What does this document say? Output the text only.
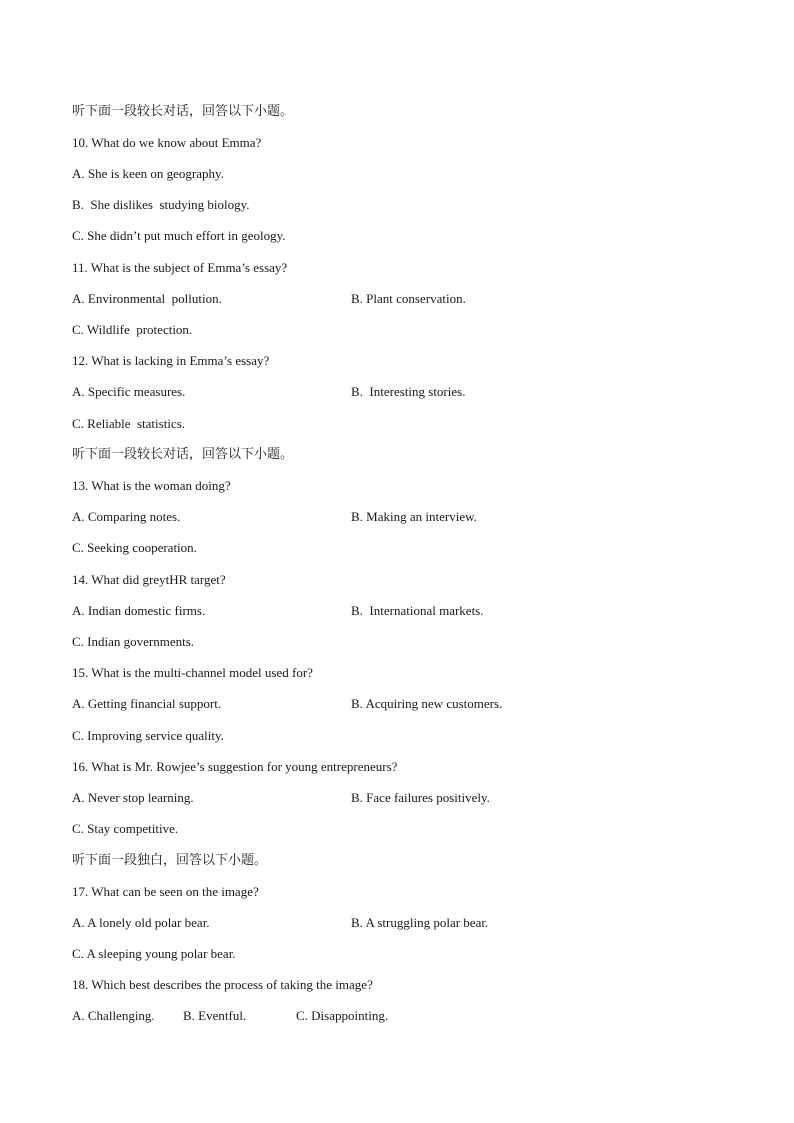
听下面一段较长对话，回答以下小题。
10. What do we know about Emma?
A. She is keen on geography.
B.  She dislikes  studying biology.
C. She didn’t put much effort in geology.
11. What is the subject of Emma’s essay?
A. Environmental  pollution.	B. Plant conservation.
C. Wildlife  protection.
12. What is lacking in Emma’s essay?
A. Specific measures.	B.  Interesting stories.
C. Reliable  statistics.
听下面一段较长对话，回答以下小题。
13. What is the woman doing?
A. Comparing notes.	B. Making an interview.
C. Seeking cooperation.
14. What did greytHR target?
A. Indian domestic firms.	B.  International markets.
C. Indian governments.
15. What is the multi-channel model used for?
A. Getting financial support.	B. Acquiring new customers.
C. Improving service quality.
16. What is Mr. Rowjee’s suggestion for young entrepreneurs?
A. Never stop learning.	B. Face failures positively.
C. Stay competitive.
听下面一段独白，回答以下小题。
17. What can be seen on the image?
A. A lonely old polar bear.	B. A struggling polar bear.
C. A sleeping young polar bear.
18. Which best describes the process of taking the image?
A. Challenging. B. Eventful.	C. Disappointing.
